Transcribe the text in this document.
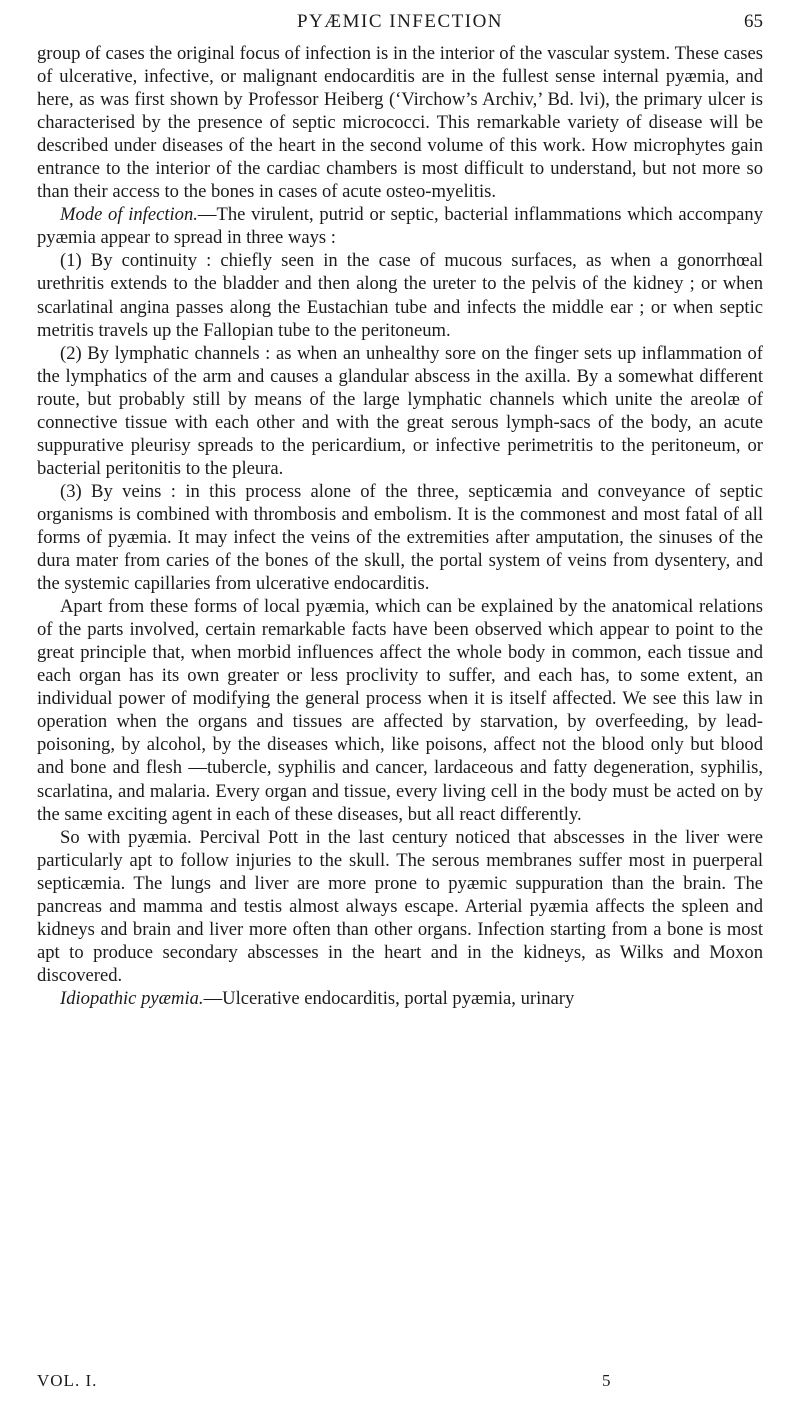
PYÆMIC INFECTION	65

group of cases the original focus of infection is in the interior of the vascular system. These cases of ulcerative, infective, or malignant endocarditis are in the fullest sense internal pyæmia, and here, as was first shown by Professor Heiberg (‘Virchow’s Archiv,’ Bd. lvi), the primary ulcer is characterised by the presence of septic micrococci. This remarkable variety of disease will be described under diseases of the heart in the second volume of this work. How microphytes gain entrance to the interior of the cardiac chambers is most difficult to understand, but not more so than their access to the bones in cases of acute osteo-myelitis.

Mode of infection.—The virulent, putrid or septic, bacterial inflammations which accompany pyæmia appear to spread in three ways :

(1) By continuity : chiefly seen in the case of mucous surfaces, as when a gonorrhœal urethritis extends to the bladder and then along the ureter to the pelvis of the kidney ; or when scarlatinal angina passes along the Eustachian tube and infects the middle ear ; or when septic metritis travels up the Fallopian tube to the peritoneum.

(2) By lymphatic channels : as when an unhealthy sore on the finger sets up inflammation of the lymphatics of the arm and causes a glandular abscess in the axilla. By a somewhat different route, but probably still by means of the large lymphatic channels which unite the areolæ of connective tissue with each other and with the great serous lymph-sacs of the body, an acute suppurative pleurisy spreads to the pericardium, or infective perimetritis to the peritoneum, or bacterial peritonitis to the pleura.

(3) By veins : in this process alone of the three, septicæmia and conveyance of septic organisms is combined with thrombosis and embolism. It is the commonest and most fatal of all forms of pyæmia. It may infect the veins of the extremities after amputation, the sinuses of the dura mater from caries of the bones of the skull, the portal system of veins from dysentery, and the systemic capillaries from ulcerative endocarditis.

Apart from these forms of local pyæmia, which can be explained by the anatomical relations of the parts involved, certain remarkable facts have been observed which appear to point to the great principle that, when morbid influences affect the whole body in common, each tissue and each organ has its own greater or less proclivity to suffer, and each has, to some extent, an individual power of modifying the general process when it is itself affected. We see this law in operation when the organs and tissues are affected by starvation, by overfeeding, by lead-poisoning, by alcohol, by the diseases which, like poisons, affect not the blood only but blood and bone and flesh —tubercle, syphilis and cancer, lardaceous and fatty degeneration, syphilis, scarlatina, and malaria. Every organ and tissue, every living cell in the body must be acted on by the same exciting agent in each of these diseases, but all react differently.

So with pyæmia. Percival Pott in the last century noticed that abscesses in the liver were particularly apt to follow injuries to the skull. The serous membranes suffer most in puerperal septicæmia. The lungs and liver are more prone to pyæmic suppuration than the brain. The pancreas and mamma and testis almost always escape. Arterial pyæmia affects the spleen and kidneys and brain and liver more often than other organs. Infection starting from a bone is most apt to produce secondary abscesses in the heart and in the kidneys, as Wilks and Moxon discovered.

Idiopathic pyæmia.—Ulcerative endocarditis, portal pyæmia, urinary

VOL. I.	5
